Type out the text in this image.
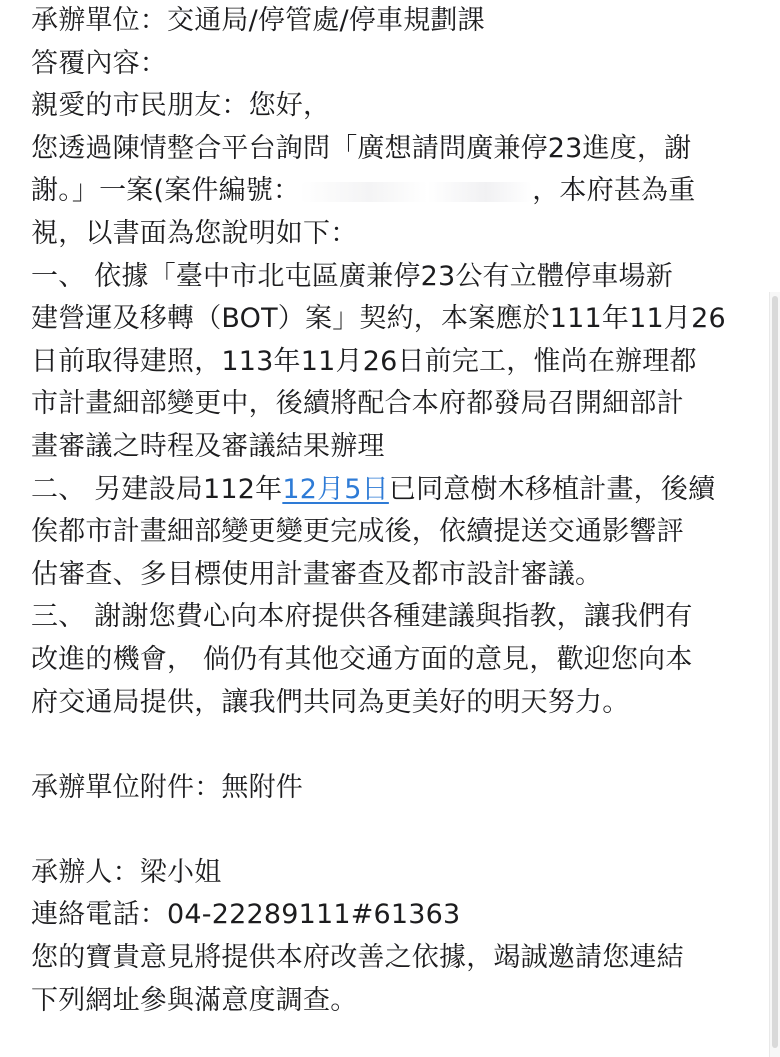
承辦單位：交通局/停管處/停車規劃課
答覆內容：
親愛的市民朋友：您好，
您透過陳情整合平台詢問「廣想請問廣兼停23進度，謝
謝。」一案(案件編號：	，本府甚為重
視，以書面為您說明如下：
一、 依據「臺中市北屯區廣兼停23公有立體停車場新
建營運及移轉（BOT）案」契約，本案應於111年11月26
日前取得建照，113年11月26日前完工，惟尚在辦理都
市計畫細部變更中，後續將配合本府都發局召開細部計
畫審議之時程及審議結果辦理
二、 另建設局112年12月5日已同意樹木移植計畫，後續
俟都市計畫細部變更變更完成後，依續提送交通影響評
估審查、多目標使用計畫審查及都市設計審議。
三、 謝謝您費心向本府提供各種建議與指教，讓我們有
改進的機會， 倘仍有其他交通方面的意見，歡迎您向本
府交通局提供，讓我們共同為更美好的明天努力。
承辦單位附件：無附件
承辦人：梁小姐
連絡電話：04-22289111#61363
您的寶貴意見將提供本府改善之依據，竭誠邀請您連結
下列網址參與滿意度調查。
